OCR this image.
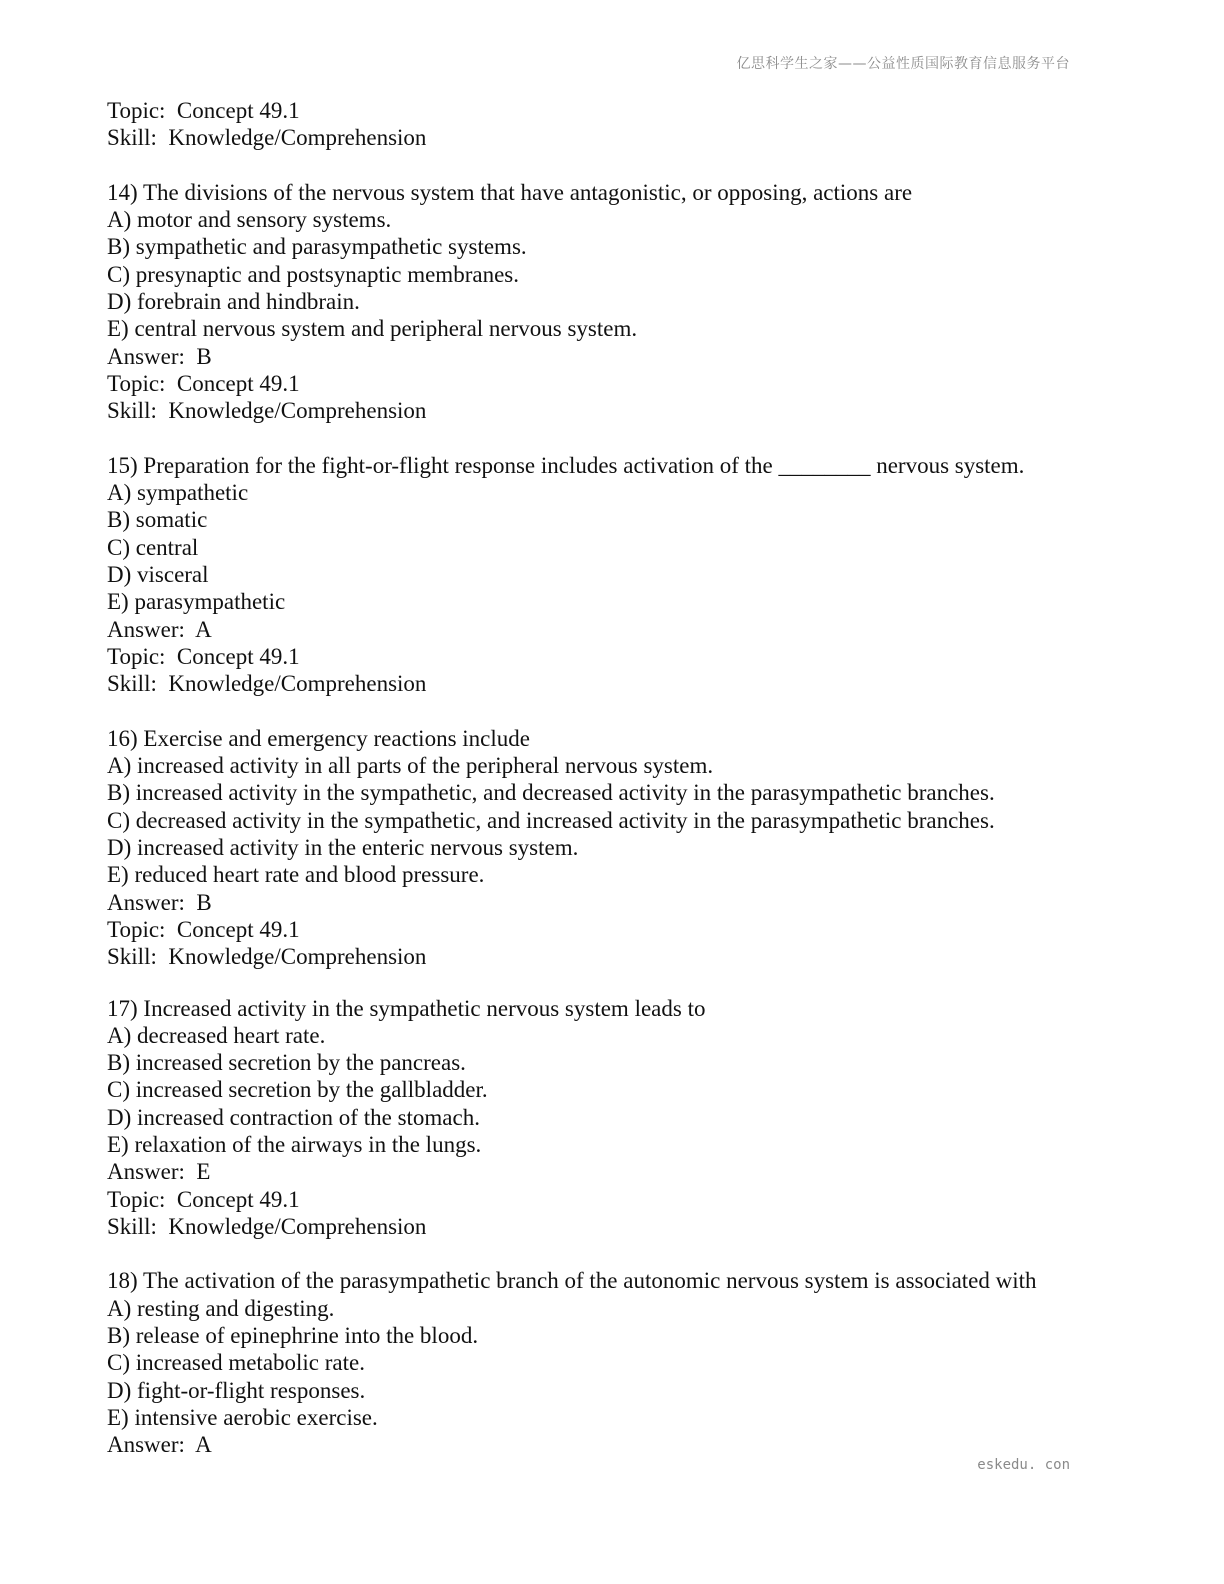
亿思科学生之家——公益性质国际教育信息服务平台
Topic:  Concept 49.1
Skill:  Knowledge/Comprehension
14) The divisions of the nervous system that have antagonistic, or opposing, actions are
A) motor and sensory systems.
B) sympathetic and parasympathetic systems.
C) presynaptic and postsynaptic membranes.
D) forebrain and hindbrain.
E) central nervous system and peripheral nervous system.
Answer:  B
Topic:  Concept 49.1
Skill:  Knowledge/Comprehension
15) Preparation for the fight-or-flight response includes activation of the ________ nervous system.
A) sympathetic
B) somatic
C) central
D) visceral
E) parasympathetic
Answer:  A
Topic:  Concept 49.1
Skill:  Knowledge/Comprehension
16) Exercise and emergency reactions include
A) increased activity in all parts of the peripheral nervous system.
B) increased activity in the sympathetic, and decreased activity in the parasympathetic branches.
C) decreased activity in the sympathetic, and increased activity in the parasympathetic branches.
D) increased activity in the enteric nervous system.
E) reduced heart rate and blood pressure.
Answer:  B
Topic:  Concept 49.1
Skill:  Knowledge/Comprehension
17) Increased activity in the sympathetic nervous system leads to
A) decreased heart rate.
B) increased secretion by the pancreas.
C) increased secretion by the gallbladder.
D) increased contraction of the stomach.
E) relaxation of the airways in the lungs.
Answer:  E
Topic:  Concept 49.1
Skill:  Knowledge/Comprehension
18) The activation of the parasympathetic branch of the autonomic nervous system is associated with
A) resting and digesting.
B) release of epinephrine into the blood.
C) increased metabolic rate.
D) fight-or-flight responses.
E) intensive aerobic exercise.
Answer:  A
eskedu. con
